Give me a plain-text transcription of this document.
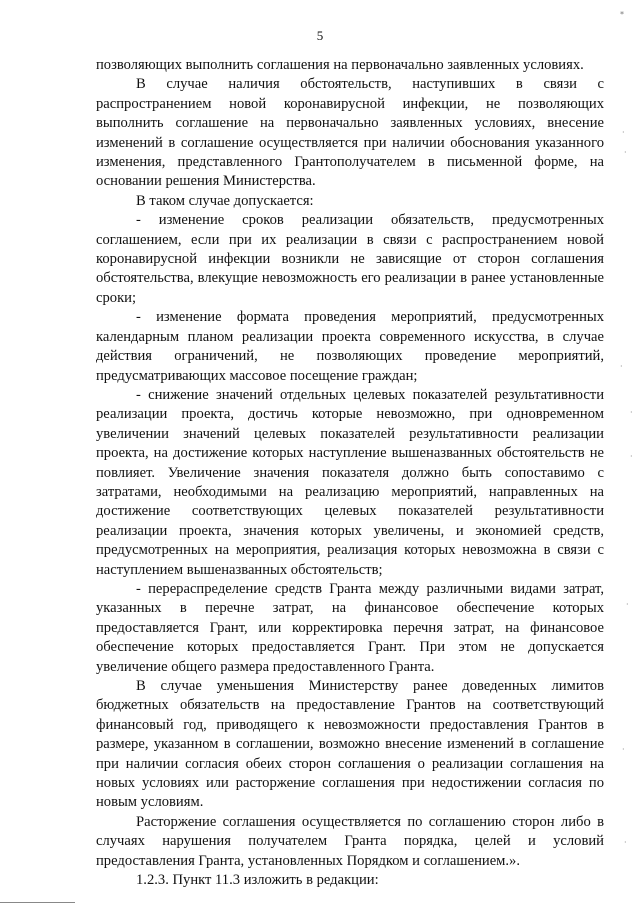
5

позволяющих выполнить соглашения на первоначально заявленных условиях.

В случае наличия обстоятельств, наступивших в связи с распространением новой коронавирусной инфекции, не позволяющих выполнить соглашение на первоначально заявленных условиях, внесение изменений в соглашение осуществляется при наличии обоснования указанного изменения, представленного Грантополучателем в письменной форме, на основании решения Министерства.

В таком случае допускается:

- изменение сроков реализации обязательств, предусмотренных соглашением, если при их реализации в связи с распространением новой коронавирусной инфекции возникли не зависящие от сторон соглашения обстоятельства, влекущие невозможность его реализации в ранее установленные сроки;

- изменение формата проведения мероприятий, предусмотренных календарным планом реализации проекта современного искусства, в случае действия ограничений, не позволяющих проведение мероприятий, предусматривающих массовое посещение граждан;

- снижение значений отдельных целевых показателей результативности реализации проекта, достичь которые невозможно, при одновременном увеличении значений целевых показателей результативности реализации проекта, на достижение которых наступление вышеназванных обстоятельств не повлияет. Увеличение значения показателя должно быть сопоставимо с затратами, необходимыми на реализацию мероприятий, направленных на достижение соответствующих целевых показателей результативности реализации проекта, значения которых увеличены, и экономией средств, предусмотренных на мероприятия, реализация которых невозможна в связи с наступлением вышеназванных обстоятельств;

- перераспределение средств Гранта между различными видами затрат, указанных в перечне затрат, на финансовое обеспечение которых предоставляется Грант, или корректировка перечня затрат, на финансовое обеспечение которых предоставляется Грант. При этом не допускается увеличение общего размера предоставленного Гранта.

В случае уменьшения Министерству ранее доведенных лимитов бюджетных обязательств на предоставление Грантов на соответствующий финансовый год, приводящего к невозможности предоставления Грантов в размере, указанном в соглашении, возможно внесение изменений в соглашение при наличии согласия обеих сторон соглашения о реализации соглашения на новых условиях или расторжение соглашения при недостижении согласия по новым условиям.

Расторжение соглашения осуществляется по соглашению сторон либо в случаях нарушения получателем Гранта порядка, целей и условий предоставления Гранта, установленных Порядком и соглашением.».

1.2.3. Пункт 11.3 изложить в редакции:

*
·
·
·
·
·
·
·
·
